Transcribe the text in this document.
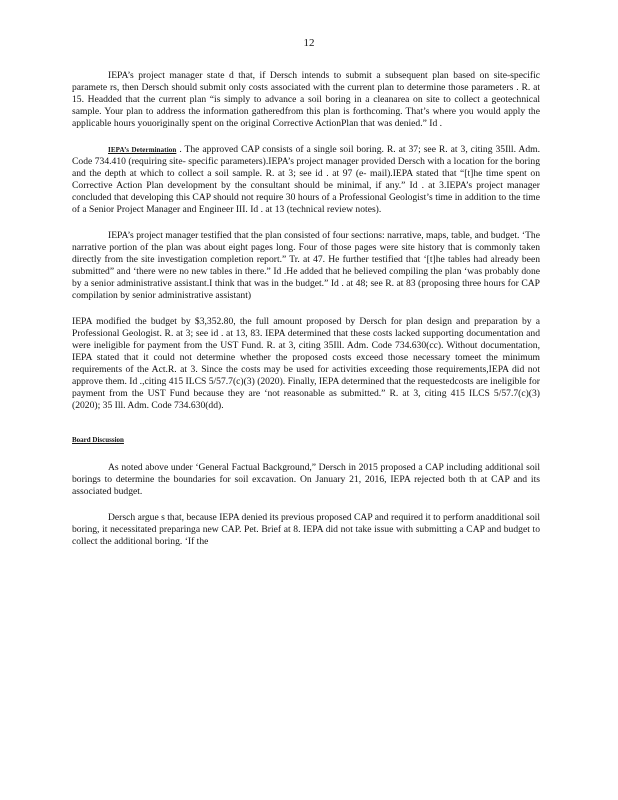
12

IEPA’s project manager state d that, if Dersch intends to submit a subsequent plan based on site-specific paramete rs, then Dersch should submit only costs associated with the current plan to determine those parameters . R. at 15. Headded that the current plan “is simply to advance a soil boring in a cleanarea on site to collect a geotechnical sample. Your plan to address the information gatheredfrom this plan is forthcoming. That’s where you would apply the applicable hours youoriginally spent on the original Corrective ActionPlan that was denied.” Id .

IEPA’s Determination . The approved CAP consists of a single soil boring. R. at 37; see R. at 3, citing 35Ill. Adm. Code 734.410 (requiring site- specific parameters).IEPA’s project manager provided Dersch with a location for the boring and the depth at which to collect a soil sample. R. at 3; see id . at 97 (e- mail).IEPA stated that “[t]he time spent on Corrective Action Plan development by the consultant should be minimal, if any.” Id . at 3.IEPA’s project manager concluded that developing this CAP should not require 30 hours of a Professional Geologist’s time in addition to the time of a Senior Project Manager and Engineer III. Id . at 13 (technical review notes).

IEPA’s project manager testified that the plan consisted of four sections: narrative, maps, table, and budget. ‘The narrative portion of the plan was about eight pages long. Four of those pages were site history that is commonly taken directly from the site investigation completion report.” Tr. at 47. He further testified that ‘[t]he tables had already been submitted” and ‘there were no new tables in there.” Id .He added that he believed compiling the plan ‘was probably done by a senior administrative assistant.I think that was in the budget.” Id . at 48; see R. at 83 (proposing three hours for CAP compilation by senior administrative assistant)

IEPA modified the budget by $3,352.80, the full amount proposed by Dersch for plan design and preparation by a Professional Geologist. R. at 3; see id . at 13, 83. IEPA determined that these costs lacked supporting documentation and were ineligible for payment from the UST Fund. R. at 3, citing 35Ill. Adm. Code 734.630(cc). Without documentation, IEPA stated that it could not determine whether the proposed costs exceed those necessary tomeet the minimum requirements of the Act.R. at 3. Since the costs may be used for activities exceeding those requirements,IEPA did not approve them. Id .,citing 415 ILCS 5/57.7(c)(3) (2020). Finally, IEPA determined that the requestedcosts are ineligible for payment from the UST Fund because they are ‘not reasonable as submitted.” R. at 3, citing 415 ILCS 5/57.7(c)(3) (2020); 35 Ill. Adm. Code 734.630(dd).

Board Discussion

As noted above under ‘General Factual Background,” Dersch in 2015 proposed a CAP including additional soil borings to determine the boundaries for soil excavation. On January 21, 2016, IEPA rejected both th at CAP and its associated budget.

Dersch argue s that, because IEPA denied its previous proposed CAP and required it to perform anadditional soil boring, it necessitated preparinga new CAP. Pet. Brief at 8. IEPA did not take issue with submitting a CAP and budget to collect the additional boring. ‘If the
